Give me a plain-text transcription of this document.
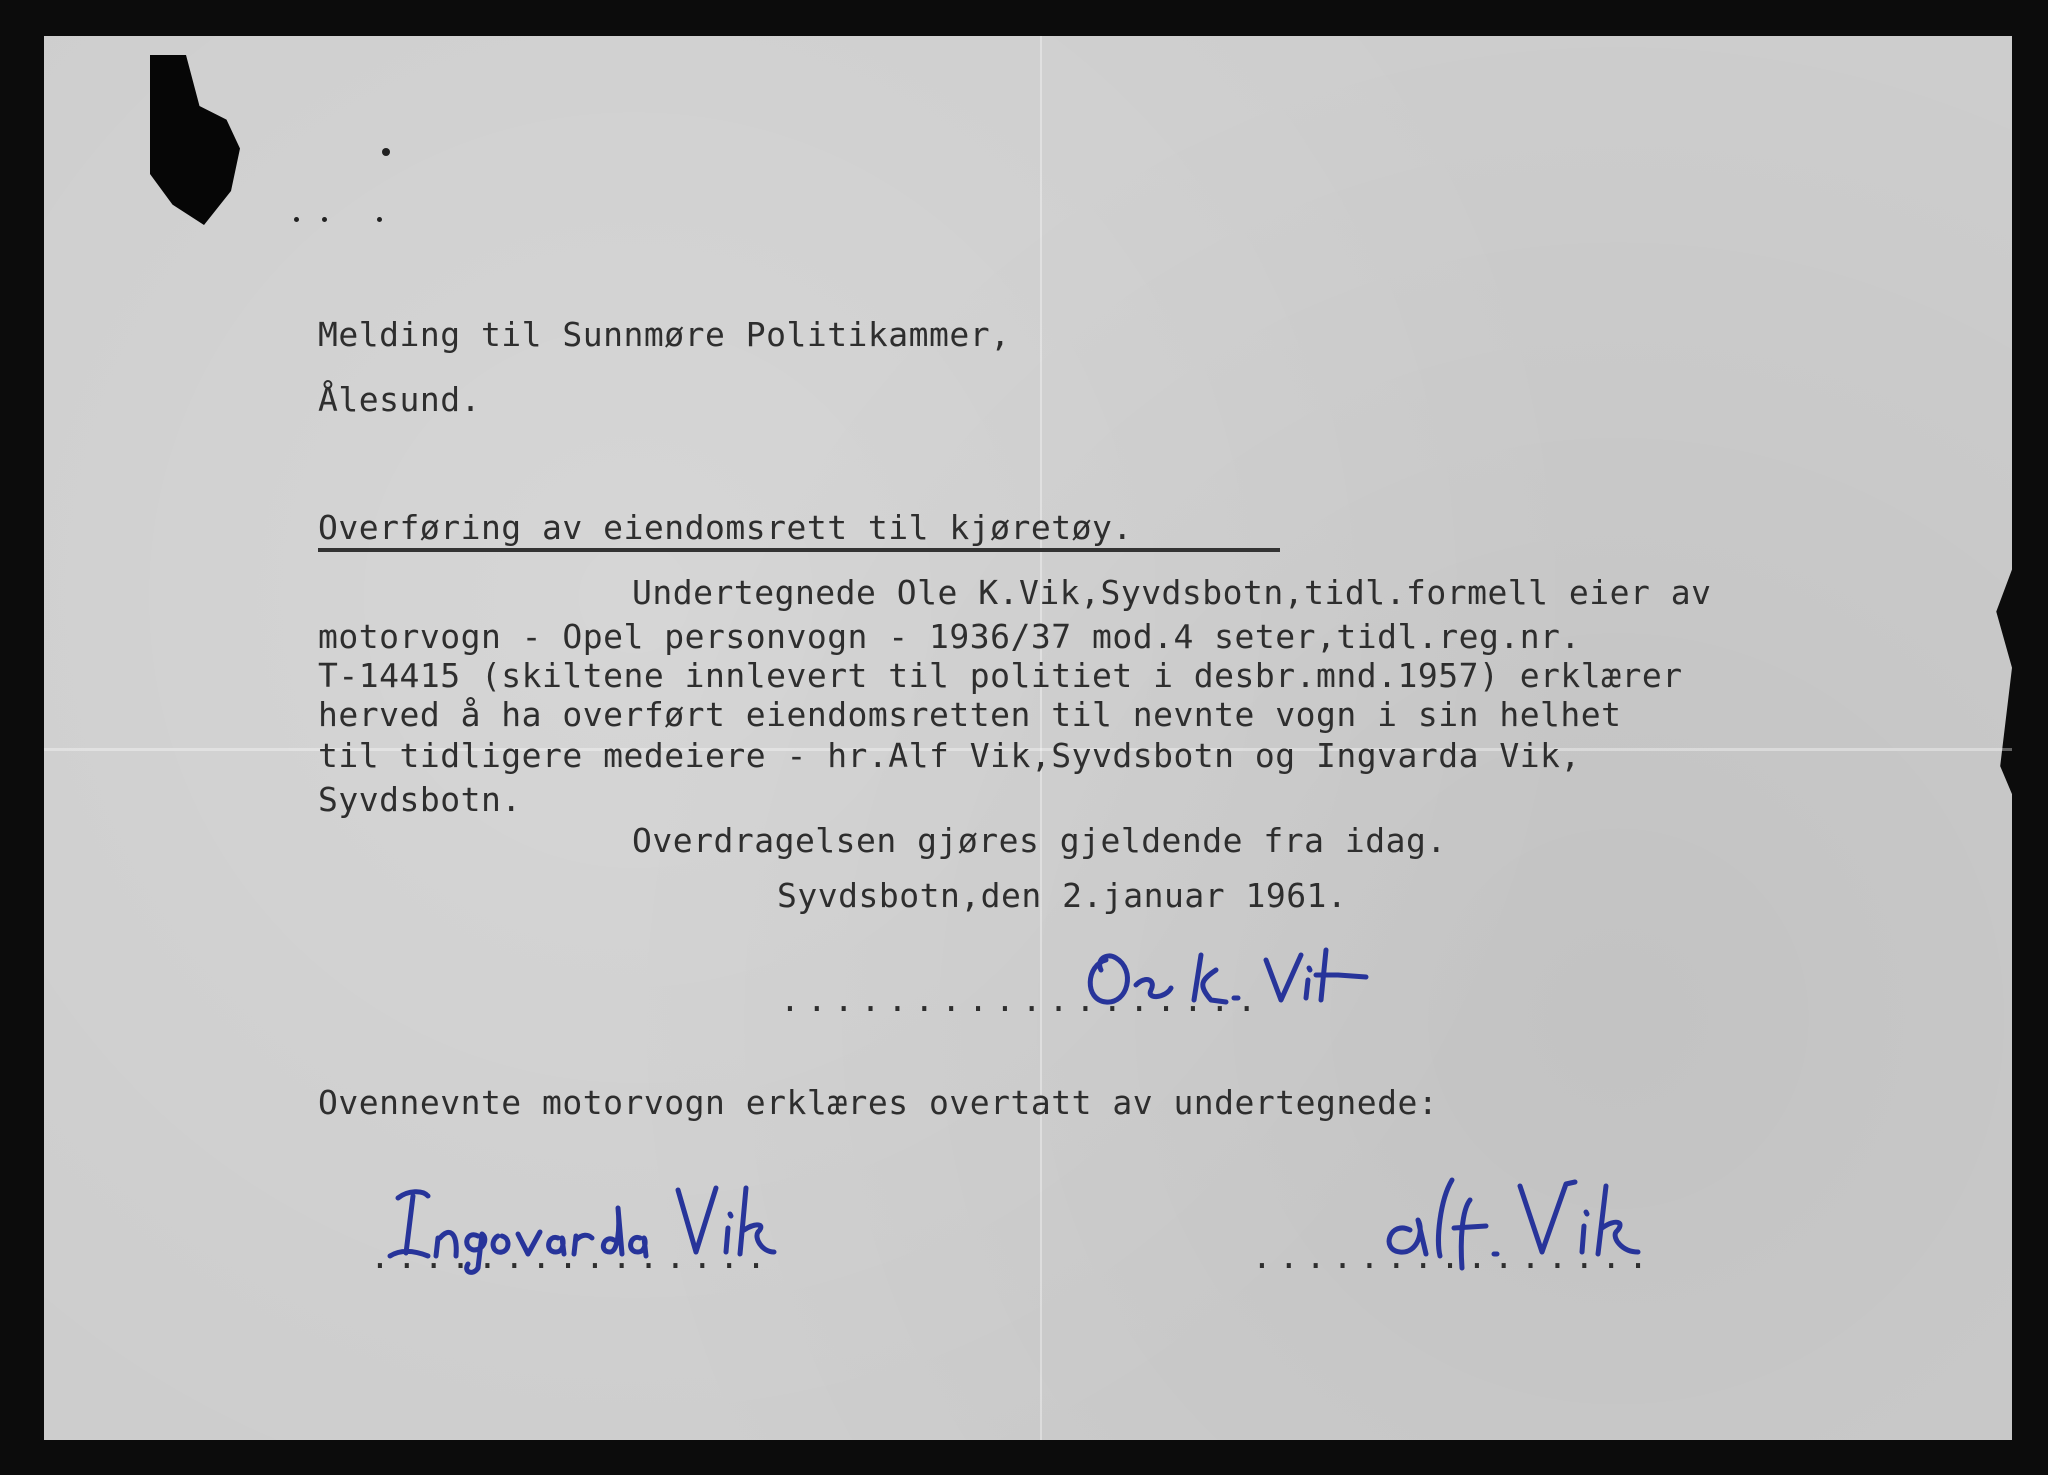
Melding til Sunnmøre Politikammer,

Ålesund.

Overføring av eiendomsrett til kjøretøy.

Undertegnede Ole K.Vik,Syvdsbotn,tidl.formell eier av

motorvogn - Opel personvogn - 1936/37 mod.4 seter,tidl.reg.nr.

T-14415 (skiltene innlevert til politiet i desbr.mnd.1957) erklærer

herved å ha overført eiendomsretten til nevnte vogn i sin helhet

til tidligere medeiere - hr.Alf Vik,Syvdsbotn og Ingvarda Vik,

Syvdsbotn.

Overdragelsen gjøres gjeldende fra idag.

Syvdsbotn,den 2.januar 1961.

..................

Ovennevnte motorvogn erklæres overtatt av undertegnede:

...............	...............
